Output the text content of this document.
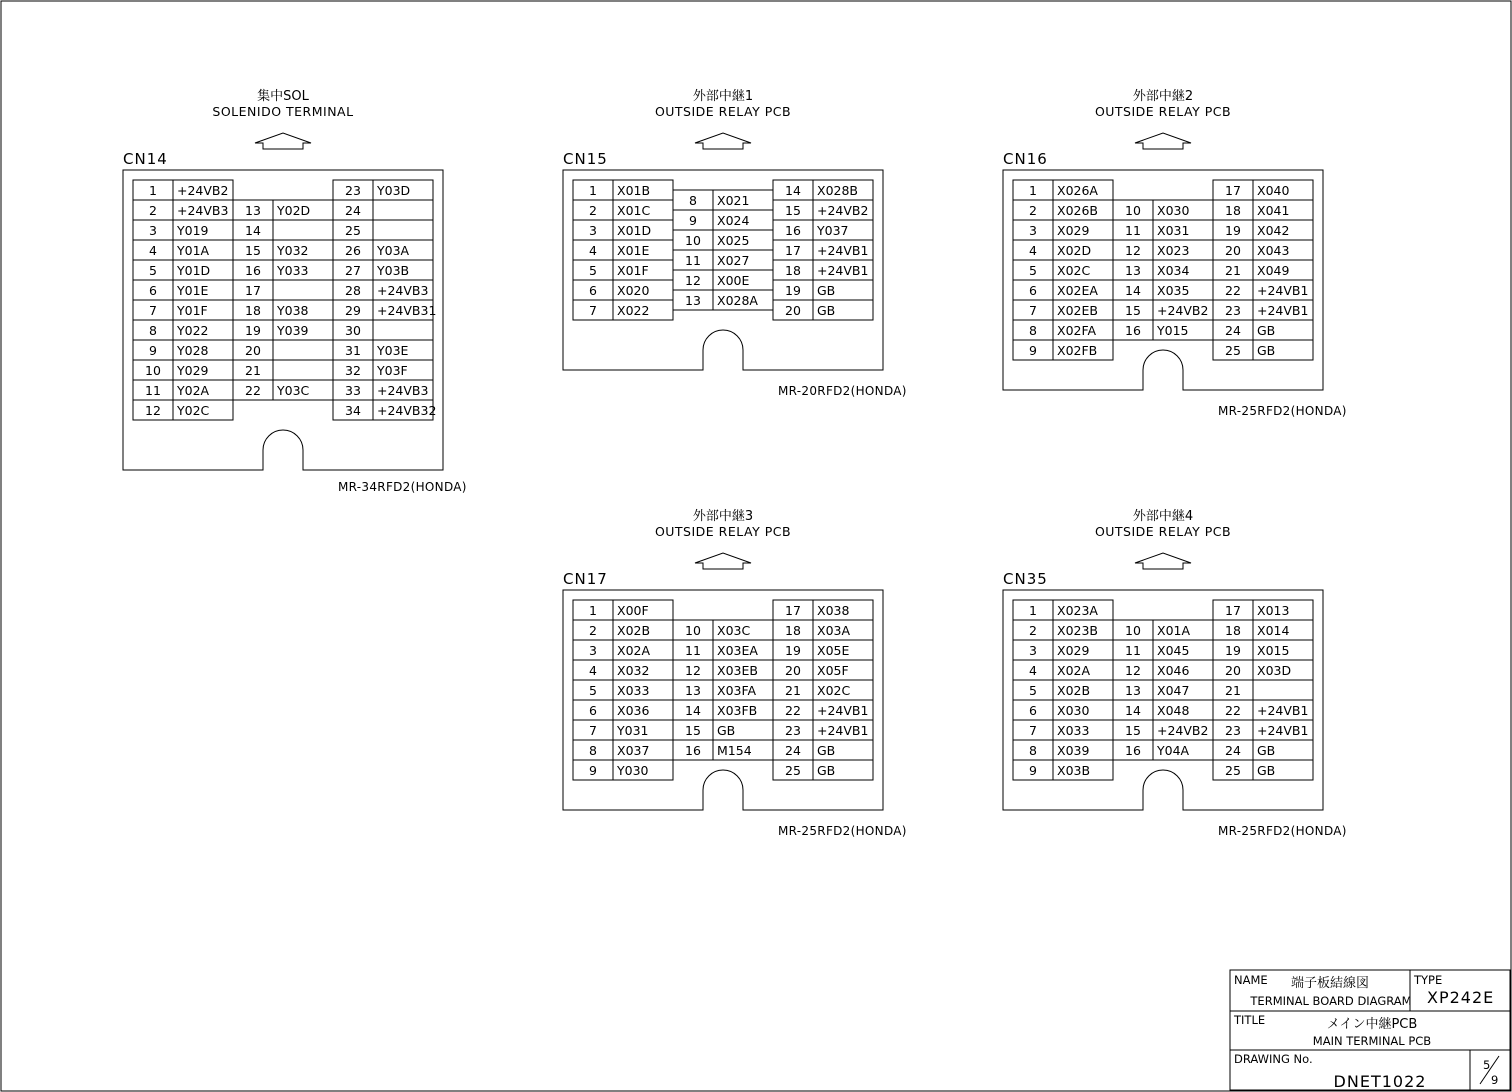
集中SOL
SOLENIDO TERMINAL
CN14
1 +24VB2
2 +24VB3
3 Y019
4 Y01A
5 Y01D
6 Y01E
7 Y01F
8 Y022
9 Y028
10 Y029
11 Y02A
12 Y02C
13 Y02D
14
15 Y032
16 Y033
17
18 Y038
19 Y039
20
21
22 Y03C
23 Y03D
24
25
26 Y03A
27 Y03B
28 +24VB3
29 +24VB31
30
31 Y03E
32 Y03F
33 +24VB3
34 +24VB32
MR-34RFD2(HONDA)
外部中継1
OUTSIDE RELAY PCB
CN15
1 X01B
2 X01C
3 X01D
4 X01E
5 X01F
6 X020
7 X022
8 X021
9 X024
10 X025
11 X027
12 X00E
13 X028A
14 X028B
15 +24VB2
16 Y037
17 +24VB1
18 +24VB1
19 GB
20 GB
MR-20RFD2(HONDA)
外部中継2
OUTSIDE RELAY PCB
CN16
1 X026A
2 X026B
3 X029
4 X02D
5 X02C
6 X02EA
7 X02EB
8 X02FA
9 X02FB
10 X030
11 X031
12 X023
13 X034
14 X035
15 +24VB2
16 Y015
17 X040
18 X041
19 X042
20 X043
21 X049
22 +24VB1
23 +24VB1
24 GB
25 GB
MR-25RFD2(HONDA)
外部中継3
OUTSIDE RELAY PCB
CN17
1 X00F
2 X02B
3 X02A
4 X032
5 X033
6 X036
7 Y031
8 X037
9 Y030
10 X03C
11 X03EA
12 X03EB
13 X03FA
14 X03FB
15 GB
16 M154
17 X038
18 X03A
19 X05E
20 X05F
21 X02C
22 +24VB1
23 +24VB1
24 GB
25 GB
MR-25RFD2(HONDA)
外部中継4
OUTSIDE RELAY PCB
CN35
1 X023A
2 X023B
3 X029
4 X02A
5 X02B
6 X030
7 X033
8 X039
9 X03B
10 X01A
11 X045
12 X046
13 X047
14 X048
15 +24VB2
16 Y04A
17 X013
18 X014
19 X015
20 X03D
21
22 +24VB1
23 +24VB1
24 GB
25 GB
MR-25RFD2(HONDA)
NAME 端子板結線図
TERMINAL BOARD DIAGRAM
TYPE
XP242E
TITLE	メイン中継PCB
MAIN TERMINAL PCB
DRAWING No.
DNET1022
5
9
